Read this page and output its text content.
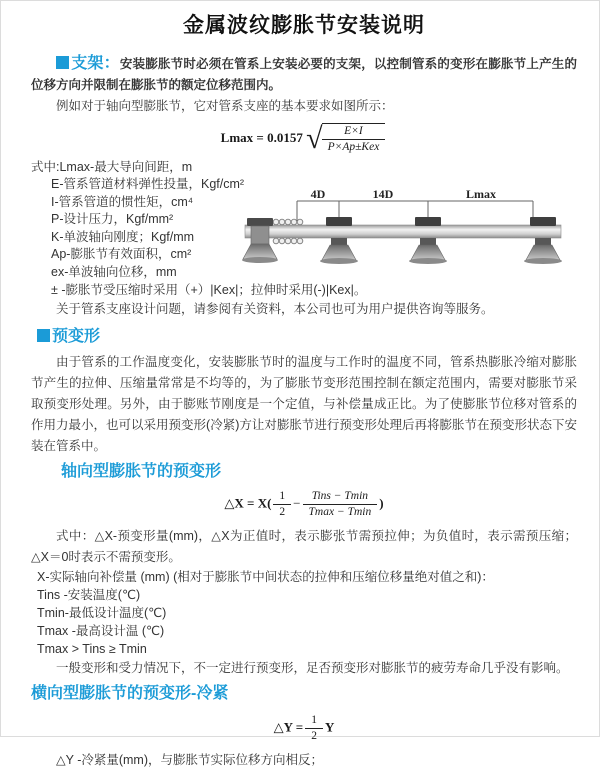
金属波纹膨胀节安装说明

支架：安装膨胀节时必须在管系上安装必要的支架，以控制管系的变形在膨胀节上产生的位移方向并限制在膨胀节的额定位移范围内。

例如对于轴向型膨胀节，它对管系支座的基本要求如图所示：

Lmax = 0.0157 √ $\frac{E\times I}{\text{P×Ap±Kex}}$
式中:Lmax-最大导向间距，m
E-管系管道材料弹性投量，Kgf/cm²
I-管系管道的惯性矩，cm⁴
P-设计压力，Kgf/mm²
K-单波轴向刚度；Kgf/mm
Ap-膨胀节有效面积，cm²
ex-单波轴向位移，mm
± -膨胀节受压缩时采用（+）|Kex|；拉伸时采用(-)|Kex|。
4D	14D	Lmax

关于管系支座设计问题，请参阅有关资料，本公司也可为用户提供咨询等服务。

预变形

由于管系的工作温度变化，安装膨胀节时的温度与工作时的温度不同，管系热膨胀冷缩对膨胀节产生的拉伸、压缩量常常是不均等的，为了膨胀节变形范围控制在额定范围内，需要对膨胀节采取预变形处理。另外，由于膨账节刚度是一个定值，与补偿量成正比。为了使膨胀节位移对管系的作用力最小，也可以采用预变形(冷紧)方让对膨胀节进行预变形处理后再将膨胀节在预变形状态下安装在管系中。

轴向型膨胀节的预变形
△X = $X( \frac{1}{2} - \frac{\text{Tins − Tmin}}{Tmax - Tmin}$ )

式中：△X-预变形量(mm)，△X为正值时，表示膨张节需预拉伸；为负值时，表示需预压缩；△X＝0时表示不需预变形。

X-实际轴向补偿量 (mm) (相对于膨胀节中间状态的拉伸和压缩位移量绝对值之和)：
Tins -安装温度(℃)
Tmin-最低设计温度(℃)
Tmax -最高设计温 (℃)
Tmax > Tins ≥ Tmin

一般变形和受力情况下，不一定进行预变形，足否预变形对膨胀节的疲劳寿命几乎没有影响。

横向型膨胀节的预变形-冷紧
△Y = $\frac{1}{2}$ Y
△Y -冷紧量(mm)，与膨胀节实际位移方向相反；
